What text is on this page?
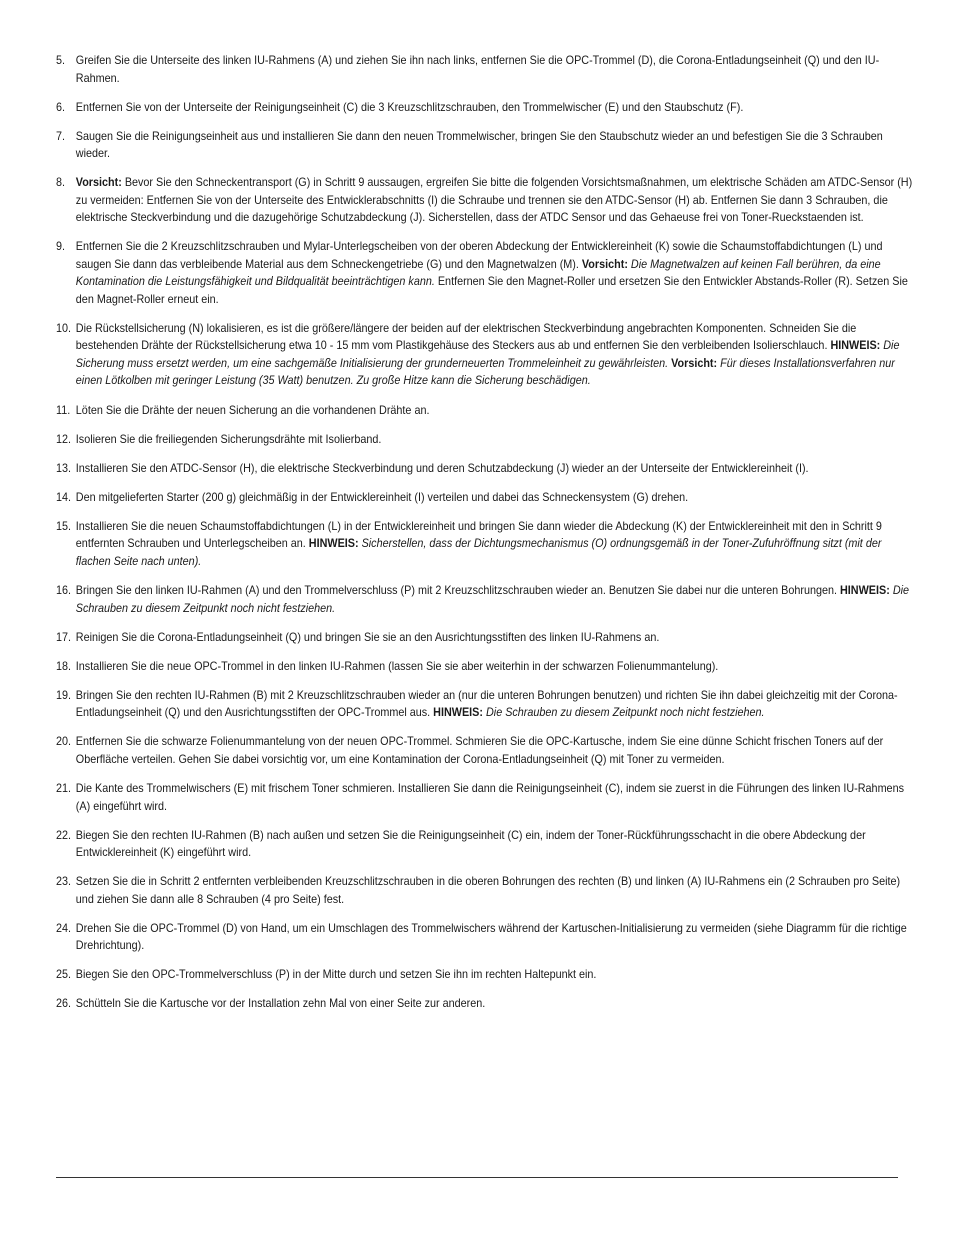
5. Greifen Sie die Unterseite des linken IU-Rahmens (A) und ziehen Sie ihn nach links, entfernen Sie die OPC-Trommel (D), die Corona-Entladungseinheit (Q) und den IU-Rahmen.
6. Entfernen Sie von der Unterseite der Reinigungseinheit (C) die 3 Kreuzschlitzschrauben, den Trommelwischer (E) und den Staubschutz (F).
7. Saugen Sie die Reinigungseinheit aus und installieren Sie dann den neuen Trommelwischer, bringen Sie den Staubschutz wieder an und befestigen Sie die 3 Schrauben wieder.
8. Vorsicht: Bevor Sie den Schneckentransport (G) in Schritt 9 aussaugen, ergreifen Sie bitte die folgenden Vorsichtsmaßnahmen, um elektrische Schäden am ATDC-Sensor (H) zu vermeiden: Entfernen Sie von der Unterseite des Entwicklerabschnitts (I) die Schraube und trennen sie den ATDC-Sensor (H) ab. Entfernen Sie dann 3 Schrauben, die elektrische Steckverbindung und die dazugehörige Schutzabdeckung (J). Sicherstellen, dass der ATDC Sensor und das Gehaeuse frei von Toner-Rueckstaenden ist.
9. Entfernen Sie die 2 Kreuzschlitzschrauben und Mylar-Unterlegscheiben von der oberen Abdeckung der Entwicklereinheit (K) sowie die Schaumstoffabdichtungen (L) und saugen Sie dann das verbleibende Material aus dem Schneckengetriebe (G) und den Magnetwalzen (M). Vorsicht: Die Magnetwalzen auf keinen Fall berühren, da eine Kontamination die Leistungsfähigkeit und Bildqualität beeinträchtigen kann. Entfernen Sie den Magnet-Roller und ersetzen Sie den Entwickler Abstands-Roller (R). Setzen Sie den Magnet-Roller erneut ein.
10. Die Rückstellsicherung (N) lokalisieren, es ist die größere/längere der beiden auf der elektrischen Steckverbindung angebrachten Komponenten. Schneiden Sie die bestehenden Drähte der Rückstellsicherung etwa 10 - 15 mm vom Plastikgehäuse des Steckers aus ab und entfernen Sie den verbleibenden Isolierschlauch. HINWEIS: Die Sicherung muss ersetzt werden, um eine sachgemäße Initialisierung der grunderneuerten Trommeleinheit zu gewährleisten. Vorsicht: Für dieses Installationsverfahren nur einen Lötkolben mit geringer Leistung (35 Watt) benutzen. Zu große Hitze kann die Sicherung beschädigen.
11. Löten Sie die Drähte der neuen Sicherung an die vorhandenen Drähte an.
12. Isolieren Sie die freiliegenden Sicherungsdrähte mit Isolierband.
13. Installieren Sie den ATDC-Sensor (H), die elektrische Steckverbindung und deren Schutzabdeckung (J) wieder an der Unterseite der Entwicklereinheit (I).
14. Den mitgelieferten Starter (200 g) gleichmäßig in der Entwicklereinheit (I) verteilen und dabei das Schneckensystem (G) drehen.
15. Installieren Sie die neuen Schaumstoffabdichtungen (L) in der Entwicklereinheit und bringen Sie dann wieder die Abdeckung (K) der Entwicklereinheit mit den in Schritt 9 entfernten Schrauben und Unterlegscheiben an. HINWEIS: Sicherstellen, dass der Dichtungsmechanismus (O) ordnungsgemäß in der Toner-Zufuhröffnung sitzt (mit der flachen Seite nach unten).
16. Bringen Sie den linken IU-Rahmen (A) und den Trommelverschluss (P) mit 2 Kreuzschlitzschrauben wieder an. Benutzen Sie dabei nur die unteren Bohrungen. HINWEIS: Die Schrauben zu diesem Zeitpunkt noch nicht festziehen.
17. Reinigen Sie die Corona-Entladungseinheit (Q) und bringen Sie sie an den Ausrichtungsstiften des linken IU-Rahmens an.
18. Installieren Sie die neue OPC-Trommel in den linken IU-Rahmen (lassen Sie sie aber weiterhin in der schwarzen Folienummantelung).
19. Bringen Sie den rechten IU-Rahmen (B) mit 2 Kreuzschlitzschrauben wieder an (nur die unteren Bohrungen benutzen) und richten Sie ihn dabei gleichzeitig mit der Corona-Entladungseinheit (Q) und den Ausrichtungsstiften der OPC-Trommel aus. HINWEIS: Die Schrauben zu diesem Zeitpunkt noch nicht festziehen.
20. Entfernen Sie die schwarze Folienummantelung von der neuen OPC-Trommel. Schmieren Sie die OPC-Kartusche, indem Sie eine dünne Schicht frischen Toners auf der Oberfläche verteilen. Gehen Sie dabei vorsichtig vor, um eine Kontamination der Corona-Entladungseinheit (Q) mit Toner zu vermeiden.
21. Die Kante des Trommelwischers (E) mit frischem Toner schmieren. Installieren Sie dann die Reinigungseinheit (C), indem sie zuerst in die Führungen des linken IU-Rahmens (A) eingeführt wird.
22. Biegen Sie den rechten IU-Rahmen (B) nach außen und setzen Sie die Reinigungseinheit (C) ein, indem der Toner-Rückführungsschacht in die obere Abdeckung der Entwicklereinheit (K) eingeführt wird.
23. Setzen Sie die in Schritt 2 entfernten verbleibenden Kreuzschlitzschrauben in die oberen Bohrungen des rechten (B) und linken (A) IU-Rahmens ein (2 Schrauben pro Seite) und ziehen Sie dann alle 8 Schrauben (4 pro Seite) fest.
24. Drehen Sie die OPC-Trommel (D) von Hand, um ein Umschlagen des Trommelwischers während der Kartuschen-Initialisierung zu vermeiden (siehe Diagramm für die richtige Drehrichtung).
25. Biegen Sie den OPC-Trommelverschluss (P) in der Mitte durch und setzen Sie ihn im rechten Haltepunkt ein.
26. Schütteln Sie die Kartusche vor der Installation zehn Mal von einer Seite zur anderen.
